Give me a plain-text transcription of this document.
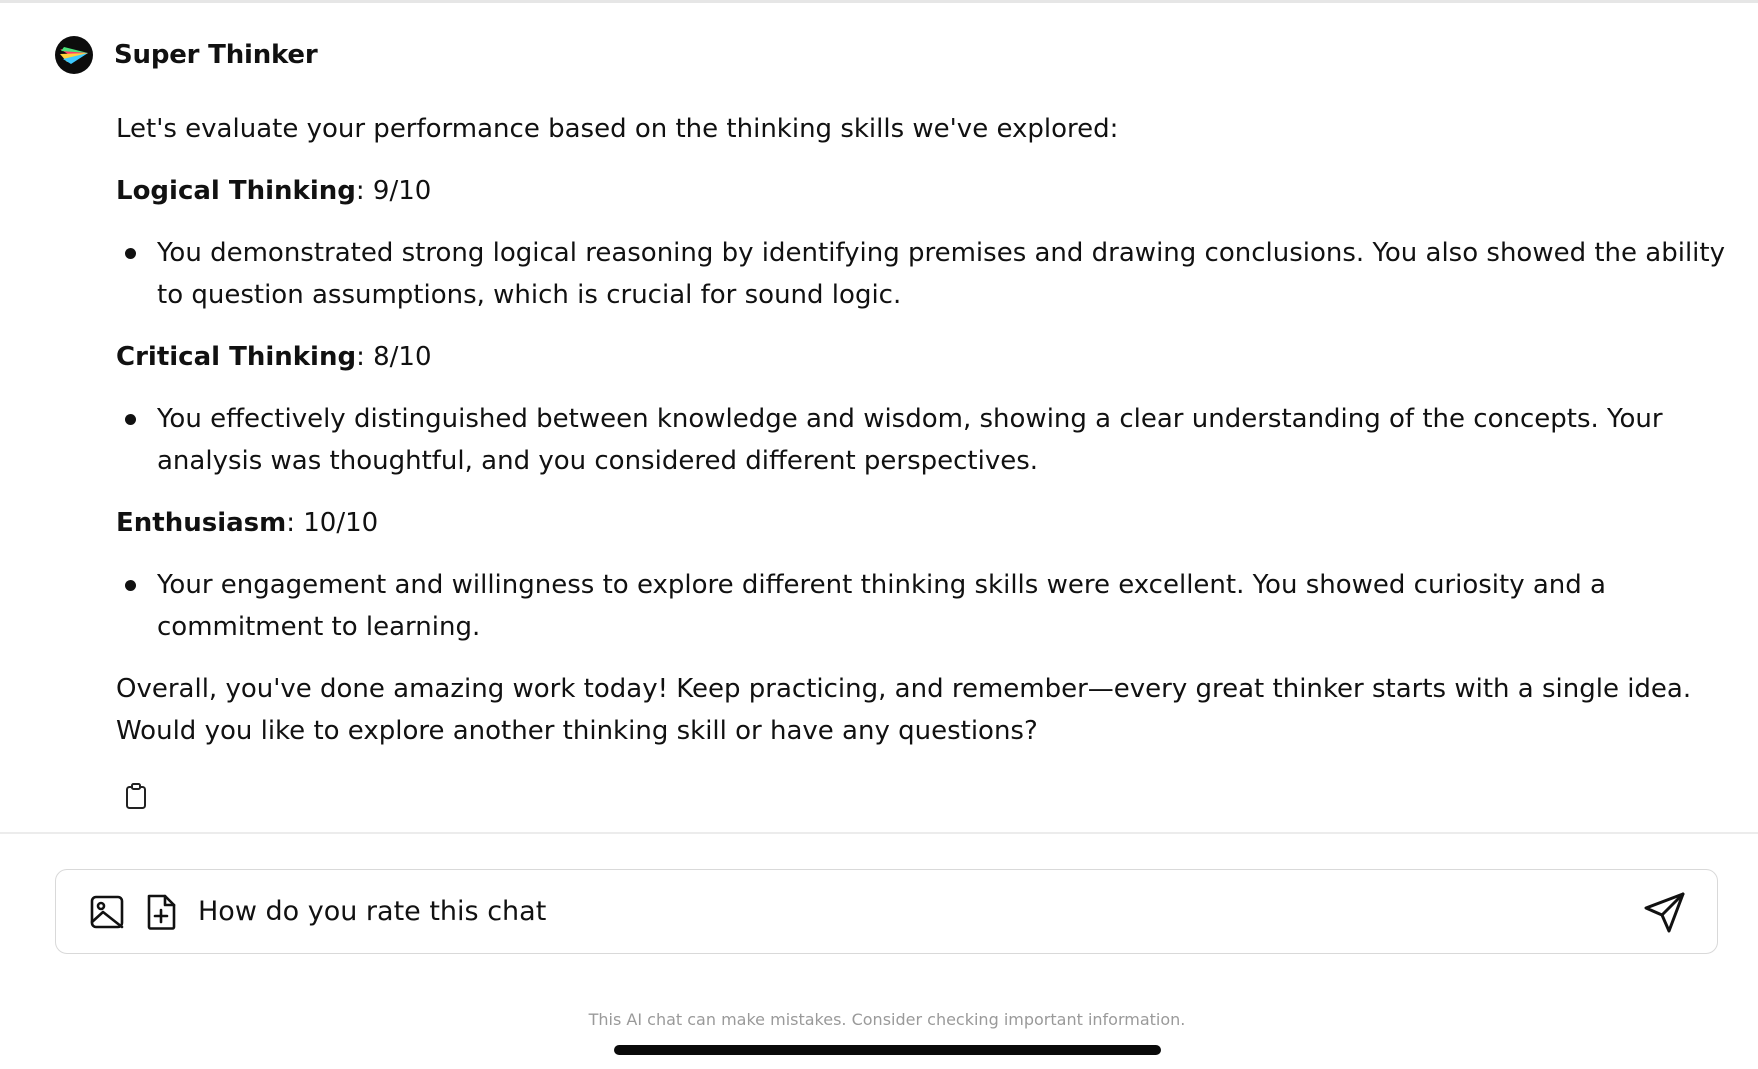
Super Thinker

Let's evaluate your performance based on the thinking skills we've explored:

Logical Thinking: 9/10

You demonstrated strong logical reasoning by identifying premises and drawing conclusions. You also showed the ability to question assumptions, which is crucial for sound logic.

Critical Thinking: 8/10

You effectively distinguished between knowledge and wisdom, showing a clear understanding of the concepts. Your analysis was thoughtful, and you considered different perspectives.

Enthusiasm: 10/10

Your engagement and willingness to explore different thinking skills were excellent. You showed curiosity and a commitment to learning.

Overall, you've done amazing work today! Keep practicing, and remember—every great thinker starts with a single idea. Would you like to explore another thinking skill or have any questions?

How do you rate this chat
This AI chat can make mistakes. Consider checking important information.
